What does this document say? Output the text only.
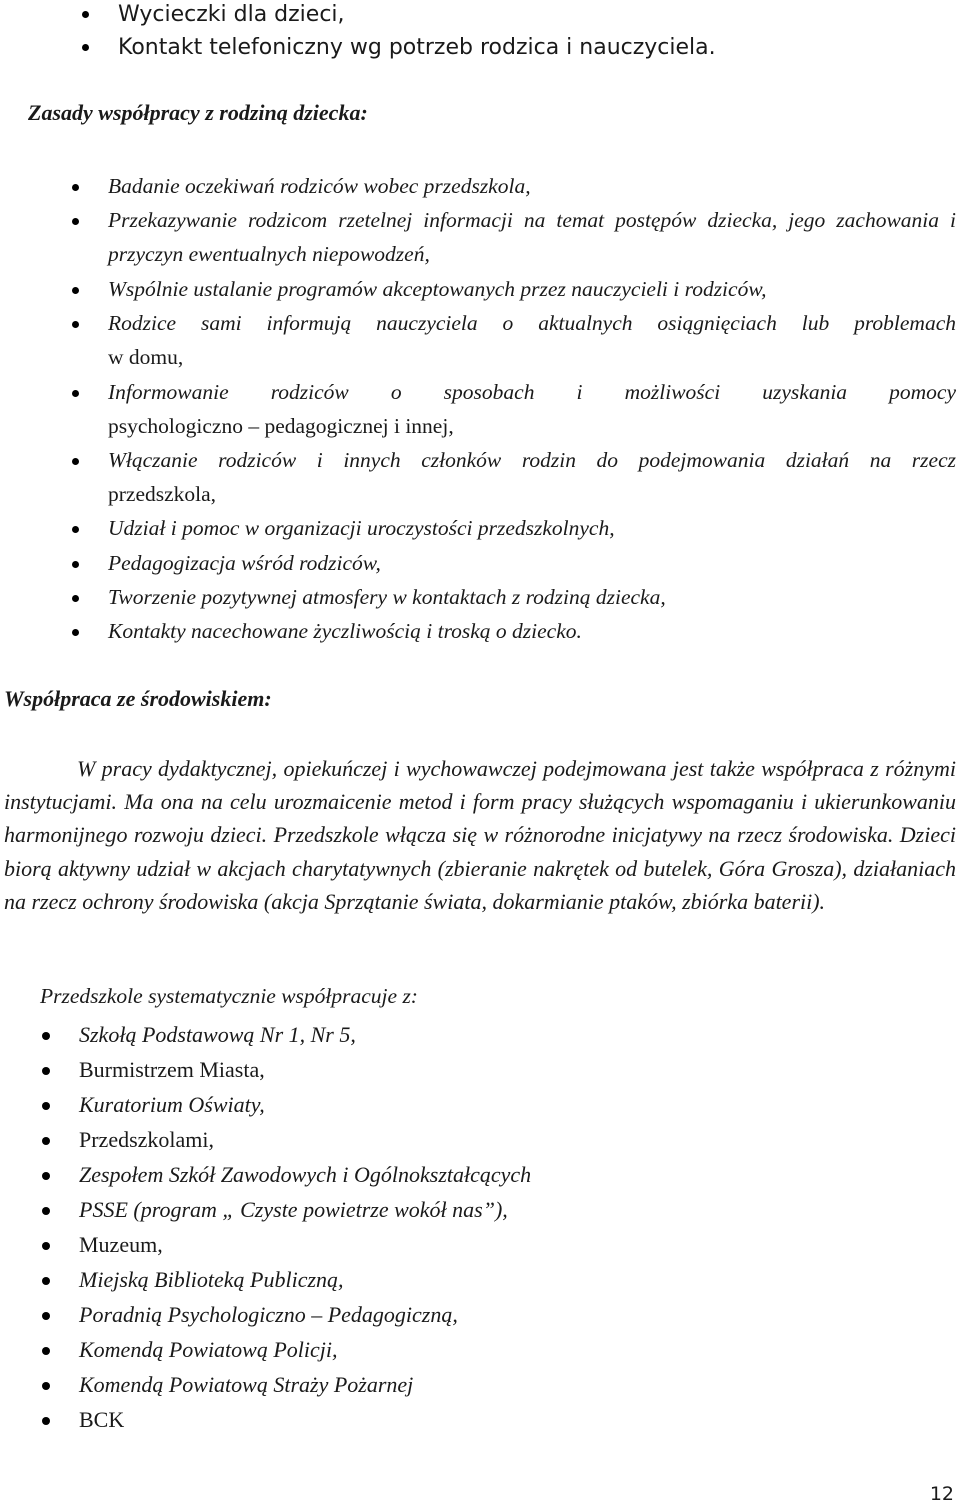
Wycieczki dla dzieci,
Kontakt telefoniczny wg potrzeb rodzica i nauczyciela.
Zasady współpracy z rodziną dziecka:
Badanie oczekiwań rodziców wobec przedszkola,
Przekazywanie rodzicom rzetelnej informacji na temat postępów dziecka, jego zachowania i przyczyn ewentualnych niepowodzeń,
Wspólnie ustalanie programów akceptowanych przez nauczycieli i rodziców,
Rodzice sami informują nauczyciela o aktualnych osiągnięciach lub problemach
w domu,
Informowanie rodziców o sposobach i możliwości uzyskania pomocy
psychologiczno – pedagogicznej i innej,
Włączanie rodziców i innych członków rodzin do podejmowania działań na rzecz
przedszkola,
Udział i pomoc w organizacji uroczystości przedszkolnych,
Pedagogizacja wśród rodziców,
Tworzenie pozytywnej atmosfery w kontaktach z rodziną dziecka,
Kontakty nacechowane życzliwością i troską o dziecko.
Współpraca ze środowiskiem:

W pracy dydaktycznej, opiekuńczej i wychowawczej podejmowana jest także współpraca z różnymi instytucjami. Ma ona na celu urozmaicenie metod i form pracy służących wspomaganiu i ukierunkowaniu harmonijnego rozwoju dzieci. Przedszkole włącza się w różnorodne inicjatywy na rzecz środowiska. Dzieci biorą aktywny udział w akcjach charytatywnych (zbieranie nakrętek od butelek, Góra Grosza), działaniach na rzecz ochrony środowiska (akcja Sprzątanie świata, dokarmianie ptaków, zbiórka baterii).

Przedszkole systematycznie współpracuje z:

Szkołą Podstawową Nr 1, Nr 5,
Burmistrzem Miasta,
Kuratorium Oświaty,
Przedszkolami,
Zespołem Szkół Zawodowych i Ogólnokształcących
PSSE (program „ Czyste powietrze wokół nas”),
Muzeum,
Miejską Biblioteką Publiczną,
Poradnią Psychologiczno – Pedagogiczną,
Komendą Powiatową Policji,
Komendą Powiatową Straży Pożarnej
BCK
12
